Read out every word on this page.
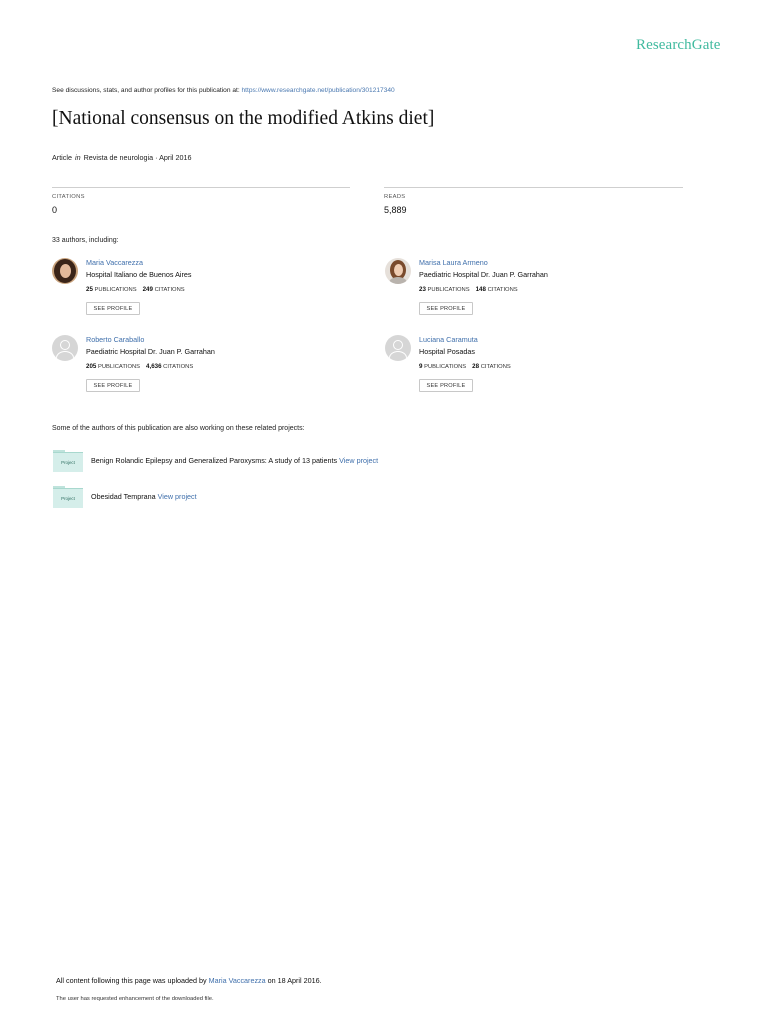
ResearchGate
See discussions, stats, and author profiles for this publication at: https://www.researchgate.net/publication/301217340
[National consensus on the modified Atkins diet]
Article in Revista de neurologia · April 2016
CITATIONS
0
READS
5,889
33 authors, including:
Maria Vaccarezza
Hospital Italiano de Buenos Aires
25 PUBLICATIONS 249 CITATIONS
SEE PROFILE
Marisa Laura Armeno
Paediatric Hospital Dr. Juan P. Garrahan
23 PUBLICATIONS 148 CITATIONS
SEE PROFILE
Roberto Caraballo
Paediatric Hospital Dr. Juan P. Garrahan
205 PUBLICATIONS 4,636 CITATIONS
SEE PROFILE
Luciana Caramuta
Hospital Posadas
9 PUBLICATIONS 28 CITATIONS
SEE PROFILE
Some of the authors of this publication are also working on these related projects:
Project	Benign Rolandic Epilepsy and Generalized Paroxysms: A study of 13 patients View project
Project	Obesidad Temprana View project
All content following this page was uploaded by Maria Vaccarezza on 18 April 2016.
The user has requested enhancement of the downloaded file.
